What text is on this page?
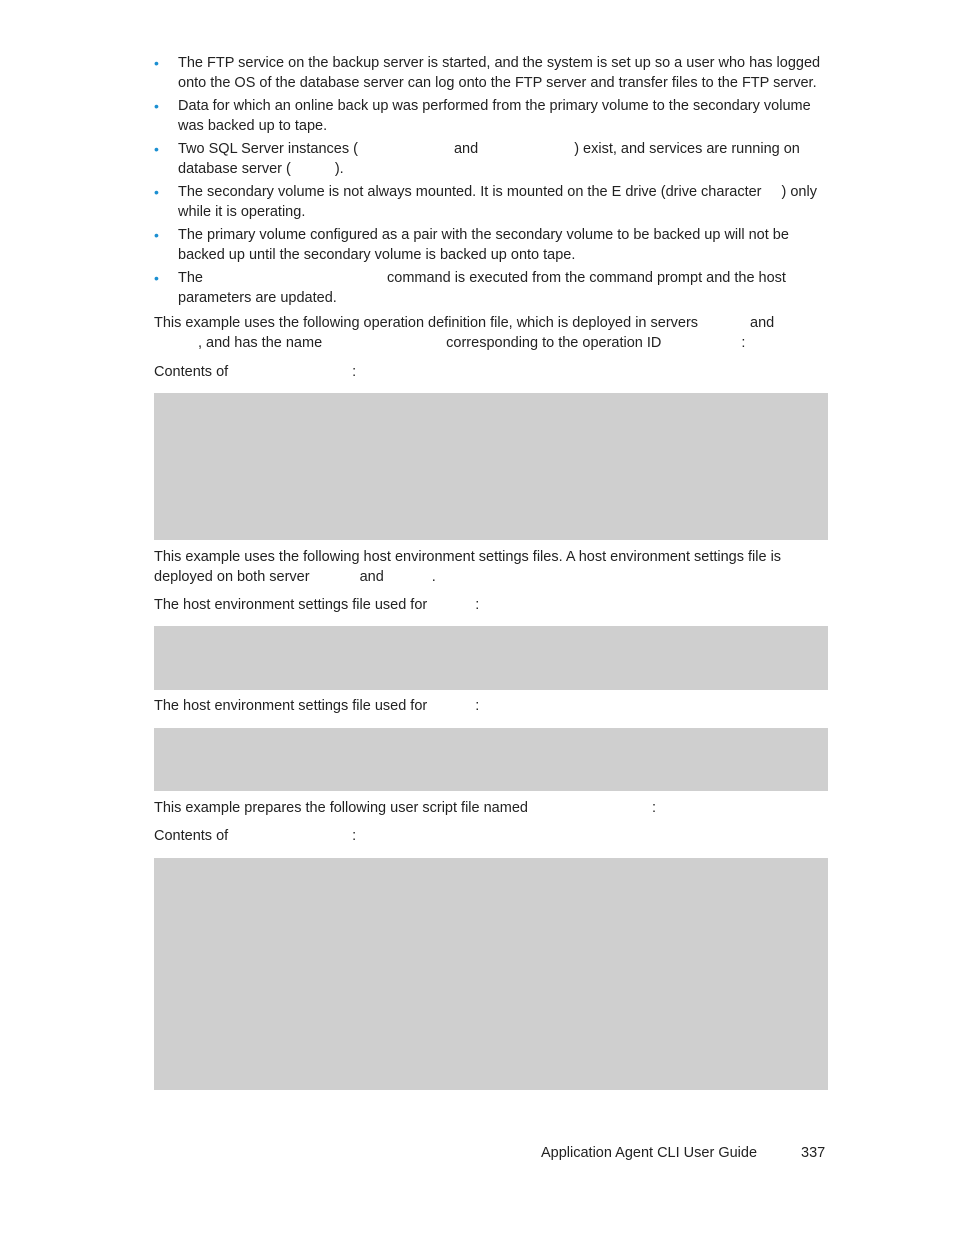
• The FTP service on the backup server is started, and the system is set up so a user who has logged onto the OS of the database server can log onto the FTP server and transfer files to the FTP server.
• Data for which an online back up was performed from the primary volume to the secondary volume was backed up to tape.
• Two SQL Server instances (	and	) exist, and services are running on database server (	).
• The secondary volume is not always mounted. It is mounted on the E drive (drive character ) only while it is operating.
• The primary volume configured as a pair with the secondary volume to be backed up will not be backed up until the secondary volume is backed up onto tape.
• The	command is executed from the command prompt and the host parameters are updated.

This example uses the following operation definition file, which is deployed in servers	and
, and has the name	corresponding to the operation ID	:

Contents of	:

This example uses the following host environment settings files. A host environment settings file is deployed on both server	and	.

The host environment settings file used for	:

The host environment settings file used for	:

This example prepares the following user script file named	:

Contents of	:

Application Agent CLI User Guide	337
